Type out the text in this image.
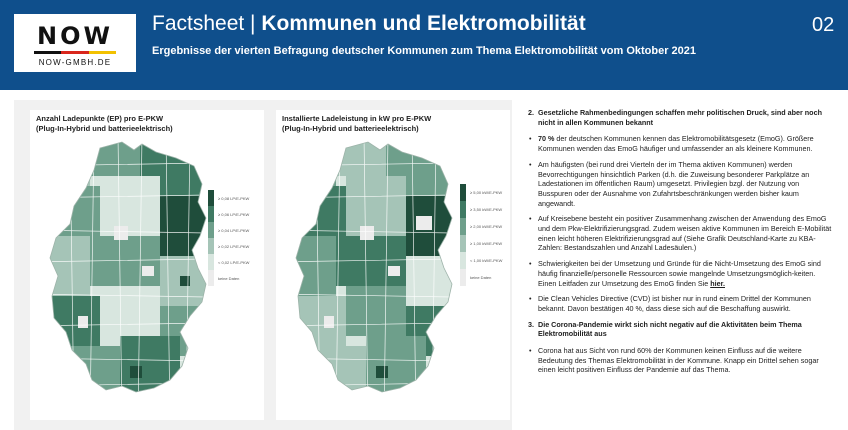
NOW
NOW-GMBH.DE
Factsheet | Kommunen und Elektromobilität
Ergebnisse der vierten Befragung deutscher Kommunen zum Thema Elektromobilität vom Oktober 2021
02
Anzahl Ladepunkte (EP) pro E-PKW
(Plug-In-Hybrid und batterieelektrisch)
≥ 0,08 LP/E-PKW
≥ 0,06 LP/E-PKW
≥ 0,04 LP/E-PKW
≥ 0,02 LP/E-PKW
< 0,02 LP/E-PKW
keine Daten
Installierte Ladeleistung in kW pro E-PKW
(Plug-In-Hybrid und batterieelektrisch)
≥ 5,00 kW/E-PKW
≥ 3,50 kW/E-PKW
≥ 2,00 kW/E-PKW
≥ 1,00 kW/E-PKW
< 1,00 kW/E-PKW
keine Daten
2. Gesetzliche Rahmenbedingungen schaffen mehr politischen Druck, sind aber noch nicht in allen Kommunen bekannt
• 70 % der deutschen Kommunen kennen das Elektromobilitätsgesetz (EmoG). Größere Kommunen wenden das EmoG häufiger und umfassender an als kleinere Kommunen.
• Am häufigsten (bei rund drei Vierteln der im Thema aktiven Kommunen) werden Bevorrechtigungen hinsichtlich Parken (d.h. die Zuweisung besonderer Parkplätze an Ladestationen im öffentlichen Raum) umgesetzt. Privilegien bzgl. der Nutzung von Busspuren oder der Ausnahme von Zufahrtsbeschränkungen werden bisher kaum angewandt.
• Auf Kreisebene besteht ein positiver Zusammenhang zwischen der Anwendung des EmoG und dem Pkw-Elektrifizierungsgrad. Zudem weisen aktive Kommunen im Bereich E-Mobilität einen leicht höheren Elektrifizierungsgrad auf (Siehe Grafik Deutschland-Karte zu KBA-Zahlen: Bestandszahlen und Anzahl Ladesäulen.)
• Schwierigkeiten bei der Umsetzung und Gründe für die Nicht-Umsetzung des EmoG sind häufig finanzielle/personelle Ressourcen sowie mangelnde Umsetzungsmöglich-keiten. Einen Leitfaden zur Umsetzung des EmoG finden Sie hier.
• Die Clean Vehicles Directive (CVD) ist bisher nur in rund einem Drittel der Kommunen bekannt. Davon bestätigen 40 %, dass diese sich auf die Beschaffung auswirkt.
3. Die Corona-Pandemie wirkt sich nicht negativ auf die Aktivitäten beim Thema Elektromobilität aus
• Corona hat aus Sicht von rund 60% der Kommunen keinen Einfluss auf die weitere Bedeutung des Themas Elektromobilität in der Kommune. Knapp ein Drittel sehen sogar einen leicht positiven Einfluss der Pandemie auf das Thema.
